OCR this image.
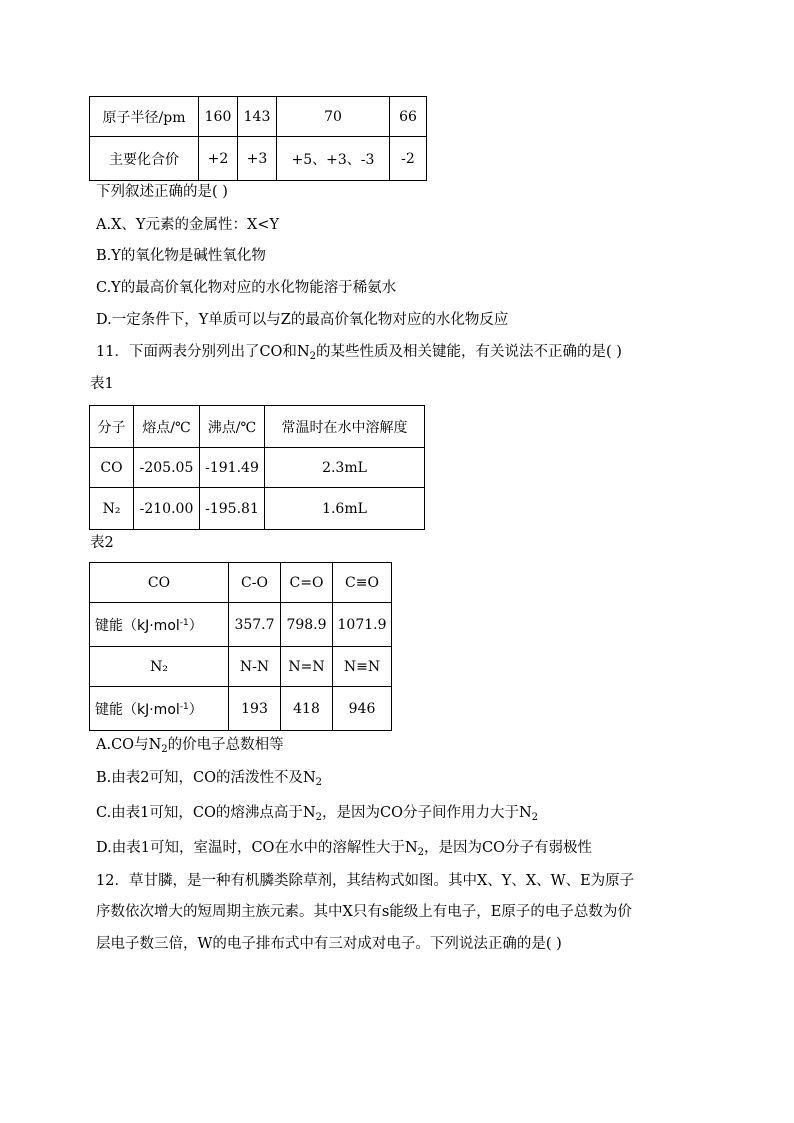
原子半径/pm	160	143	70	66
主要化合价	+2	+3	+5、+3、-3	-2
下列叙述正确的是( )
A.X、Y元素的金属性：X<Y
B.Y的氧化物是碱性氧化物
C.Y的最高价氧化物对应的水化物能溶于稀氨水
D.一定条件下，Y单质可以与Z的最高价氧化物对应的水化物反应
11．下面两表分别列出了CO和$N_2$的某些性质及相关键能，有关说法不正确的是( )
表1
分子	熔点/℃	沸点/℃	常温时在水中溶解度
CO	-205.05	-191.49	2.3mL
N₂	-210.00	-195.81	1.6mL
表2
CO	C-O	C=O	C≡O
键能（kJ·mol$^{-1}$）	357.7	798.9	1071.9
N₂	N-N	N=N	N≡N
键能（kJ·mol$^{-1}$）	193	418	946
A.CO与$N_2$的价电子总数相等
B.由表2可知，CO的活泼性不及$N_2$
C.由表1可知，CO的熔沸点高于$N_2$，是因为CO分子间作用力大于$N_2$
D.由表1可知，室温时，CO在水中的溶解性大于$N_2$，是因为CO分子有弱极性
12．草甘膦，是一种有机膦类除草剂，其结构式如图。其中X、Y、X、W、E为原子
序数依次增大的短周期主族元素。其中X只有s能级上有电子，E原子的电子总数为价
层电子数三倍，W的电子排布式中有三对成对电子。下列说法正确的是( )
